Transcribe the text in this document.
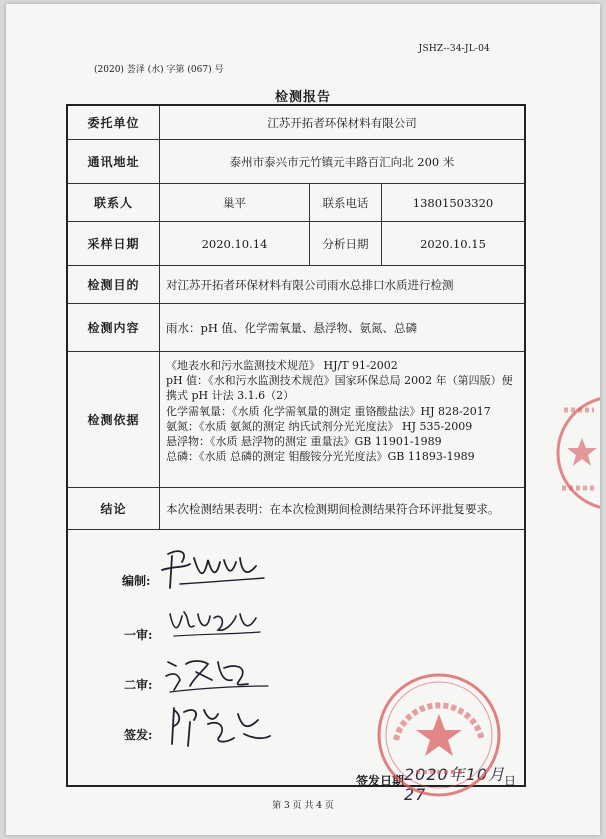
JSHZ--34-JL-04
(2020) 荟泽 (水) 字第 (067) 号
检测报告
委托单位	江苏开拓者环保材料有限公司
通讯地址	泰州市泰兴市元竹镇元丰路百汇向北 200 米
联系人	巢平	联系电话	13801503320
采样日期	2020.10.14	分析日期	2020.10.15
检测目的	对江苏开拓者环保材料有限公司雨水总排口水质进行检测
检测内容	雨水：pH 值、化学需氧量、悬浮物、氨氮、总磷
检测依据
《地表水和污水监测技术规范》 HJ/T 91-2002
pH 值：《水和污水监测技术规范》国家环保总局 2002 年（第四版）便
携式 pH 计法 3.1.6（2）
化学需氧量：《水质 化学需氧量的测定 重铬酸盐法》HJ 828-2017
氨氮：《水质 氨氮的测定 纳氏试剂分光光度法》 HJ 535-2009
悬浮物：《水质 悬浮物的测定 重量法》GB 11901-1989
总磷：《水质 总磷的测定 钼酸铵分光光度法》GB 11893-1989
结论	本次检测结果表明：在本次检测期间检测结果符合环评批复要求。
编制:
一审:
二审:
签发:
签发日期 2020年10月27
日
第 3 页 共 4 页
